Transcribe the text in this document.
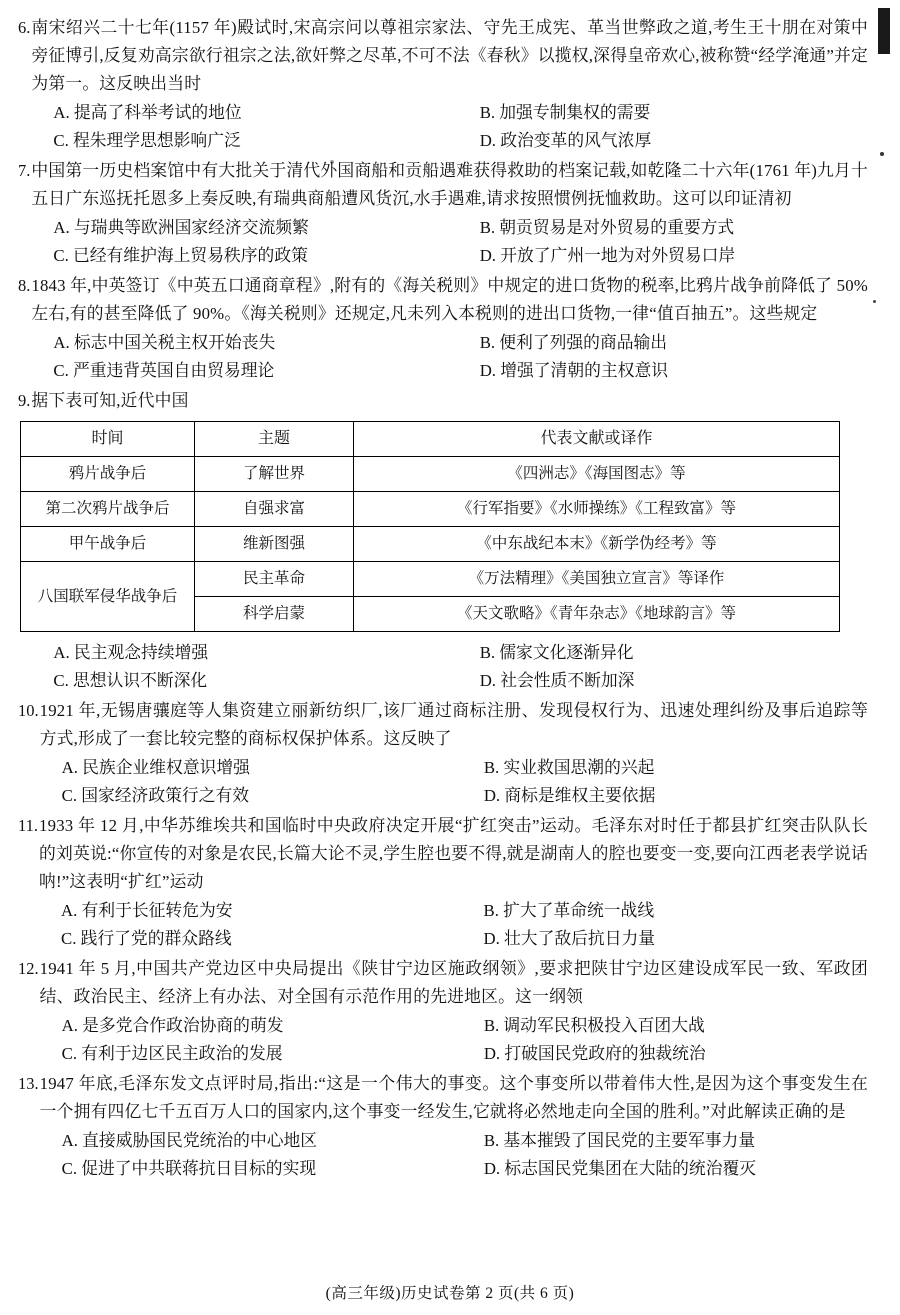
6. 南宋绍兴二十七年(1157 年)殿试时,宋高宗问以尊祖宗家法、守先王成宪、革当世弊政之道,考生王十朋在对策中旁征博引,反复劝高宗欲行祖宗之法,欲奸弊之尽革,不可不法《春秋》以揽权,深得皇帝欢心,被称赞“经学淹通”并定为第一。这反映出当时
A. 提高了科举考试的地位	B. 加强专制集权的需要
C. 程朱理学思想影响广泛	D. 政治变革的风气浓厚
7. 中国第一历史档案馆中有大批关于清代外国商船和贡船遇难获得救助的档案记载,如乾隆二十六年(1761 年)九月十五日广东巡抚托恩多上奏反映,有瑞典商船遭风货沉,水手遇难,请求按照惯例抚恤救助。这可以印证清初
A. 与瑞典等欧洲国家经济交流频繁	B. 朝贡贸易是对外贸易的重要方式
C. 已经有维护海上贸易秩序的政策	D. 开放了广州一地为对外贸易口岸
8. 1843 年,中英签订《中英五口通商章程》,附有的《海关税则》中规定的进口货物的税率,比鸦片战争前降低了 50%左右,有的甚至降低了 90%。《海关税则》还规定,凡未列入本税则的进出口货物,一律“值百抽五”。这些规定
A. 标志中国关税主权开始丧失	B. 便利了列强的商品输出
C. 严重违背英国自由贸易理论	D. 增强了清朝的主权意识
9. 据下表可知,近代中国
时间	主题	代表文献或译作
鸦片战争后	了解世界	《四洲志》《海国图志》等
第二次鸦片战争后	自强求富	《行军指要》《水师操练》《工程致富》等
甲午战争后	维新图强	《中东战纪本末》《新学伪经考》等
八国联军侵华战争后	民主革命	《万法精理》《美国独立宣言》等译作
	科学启蒙	《天文歌略》《青年杂志》《地球韵言》等
A. 民主观念持续增强	B. 儒家文化逐渐异化
C. 思想认识不断深化	D. 社会性质不断加深
10. 1921 年,无锡唐骧庭等人集资建立丽新纺织厂,该厂通过商标注册、发现侵权行为、迅速处理纠纷及事后追踪等方式,形成了一套比较完整的商标权保护体系。这反映了
A. 民族企业维权意识增强	B. 实业救国思潮的兴起
C. 国家经济政策行之有效	D. 商标是维权主要依据
11. 1933 年 12 月,中华苏维埃共和国临时中央政府决定开展“扩红突击”运动。毛泽东对时任于都县扩红突击队队长的刘英说:“你宣传的对象是农民,长篇大论不灵,学生腔也要不得,就是湖南人的腔也要变一变,要向江西老表学说话呐!”这表明“扩红”运动
A. 有利于长征转危为安	B. 扩大了革命统一战线
C. 践行了党的群众路线	D. 壮大了敌后抗日力量
12. 1941 年 5 月,中国共产党边区中央局提出《陕甘宁边区施政纲领》,要求把陕甘宁边区建设成军民一致、军政团结、政治民主、经济上有办法、对全国有示范作用的先进地区。这一纲领
A. 是多党合作政治协商的萌发	B. 调动军民积极投入百团大战
C. 有利于边区民主政治的发展	D. 打破国民党政府的独裁统治
13. 1947 年底,毛泽东发文点评时局,指出:“这是一个伟大的事变。这个事变所以带着伟大性,是因为这个事变发生在一个拥有四亿七千五百万人口的国家内,这个事变一经发生,它就将必然地走向全国的胜利。”对此解读正确的是
A. 直接威胁国民党统治的中心地区	B. 基本摧毁了国民党的主要军事力量
C. 促进了中共联蒋抗日目标的实现	D. 标志国民党集团在大陆的统治覆灭
(高三年级)历史试卷第 2 页(共 6 页)
